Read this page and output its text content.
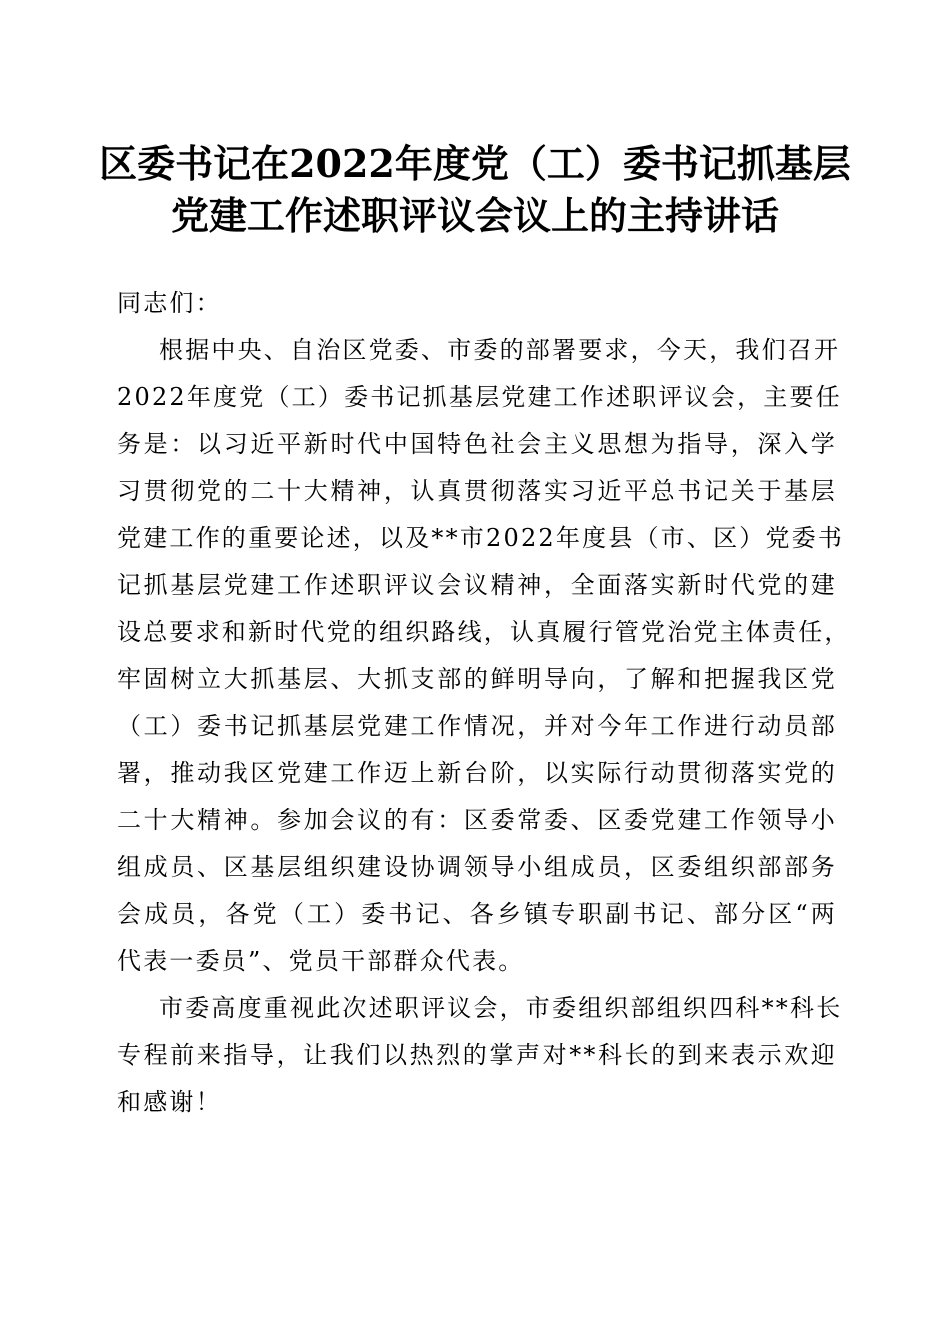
区委书记在2022年度党（工）委书记抓基层
党建工作述职评议会议上的主持讲话

同志们：

根据中央、自治区党委、市委的部署要求，今天，我们召开
2022年度党（工）委书记抓基层党建工作述职评议会，主要任
务是：以习近平新时代中国特色社会主义思想为指导，深入学
习贯彻党的二十大精神，认真贯彻落实习近平总书记关于基层
党建工作的重要论述，以及**市2022年度县（市、区）党委书
记抓基层党建工作述职评议会议精神，全面落实新时代党的建
设总要求和新时代党的组织路线，认真履行管党治党主体责任，
牢固树立大抓基层、大抓支部的鲜明导向，了解和把握我区党
（工）委书记抓基层党建工作情况，并对今年工作进行动员部
署，推动我区党建工作迈上新台阶，以实际行动贯彻落实党的
二十大精神。参加会议的有：区委常委、区委党建工作领导小
组成员、区基层组织建设协调领导小组成员，区委组织部部务
会成员，各党（工）委书记、各乡镇专职副书记、部分区“两
代表一委员”、党员干部群众代表。

市委高度重视此次述职评议会，市委组织部组织四科**科长
专程前来指导，让我们以热烈的掌声对**科长的到来表示欢迎
和感谢！
